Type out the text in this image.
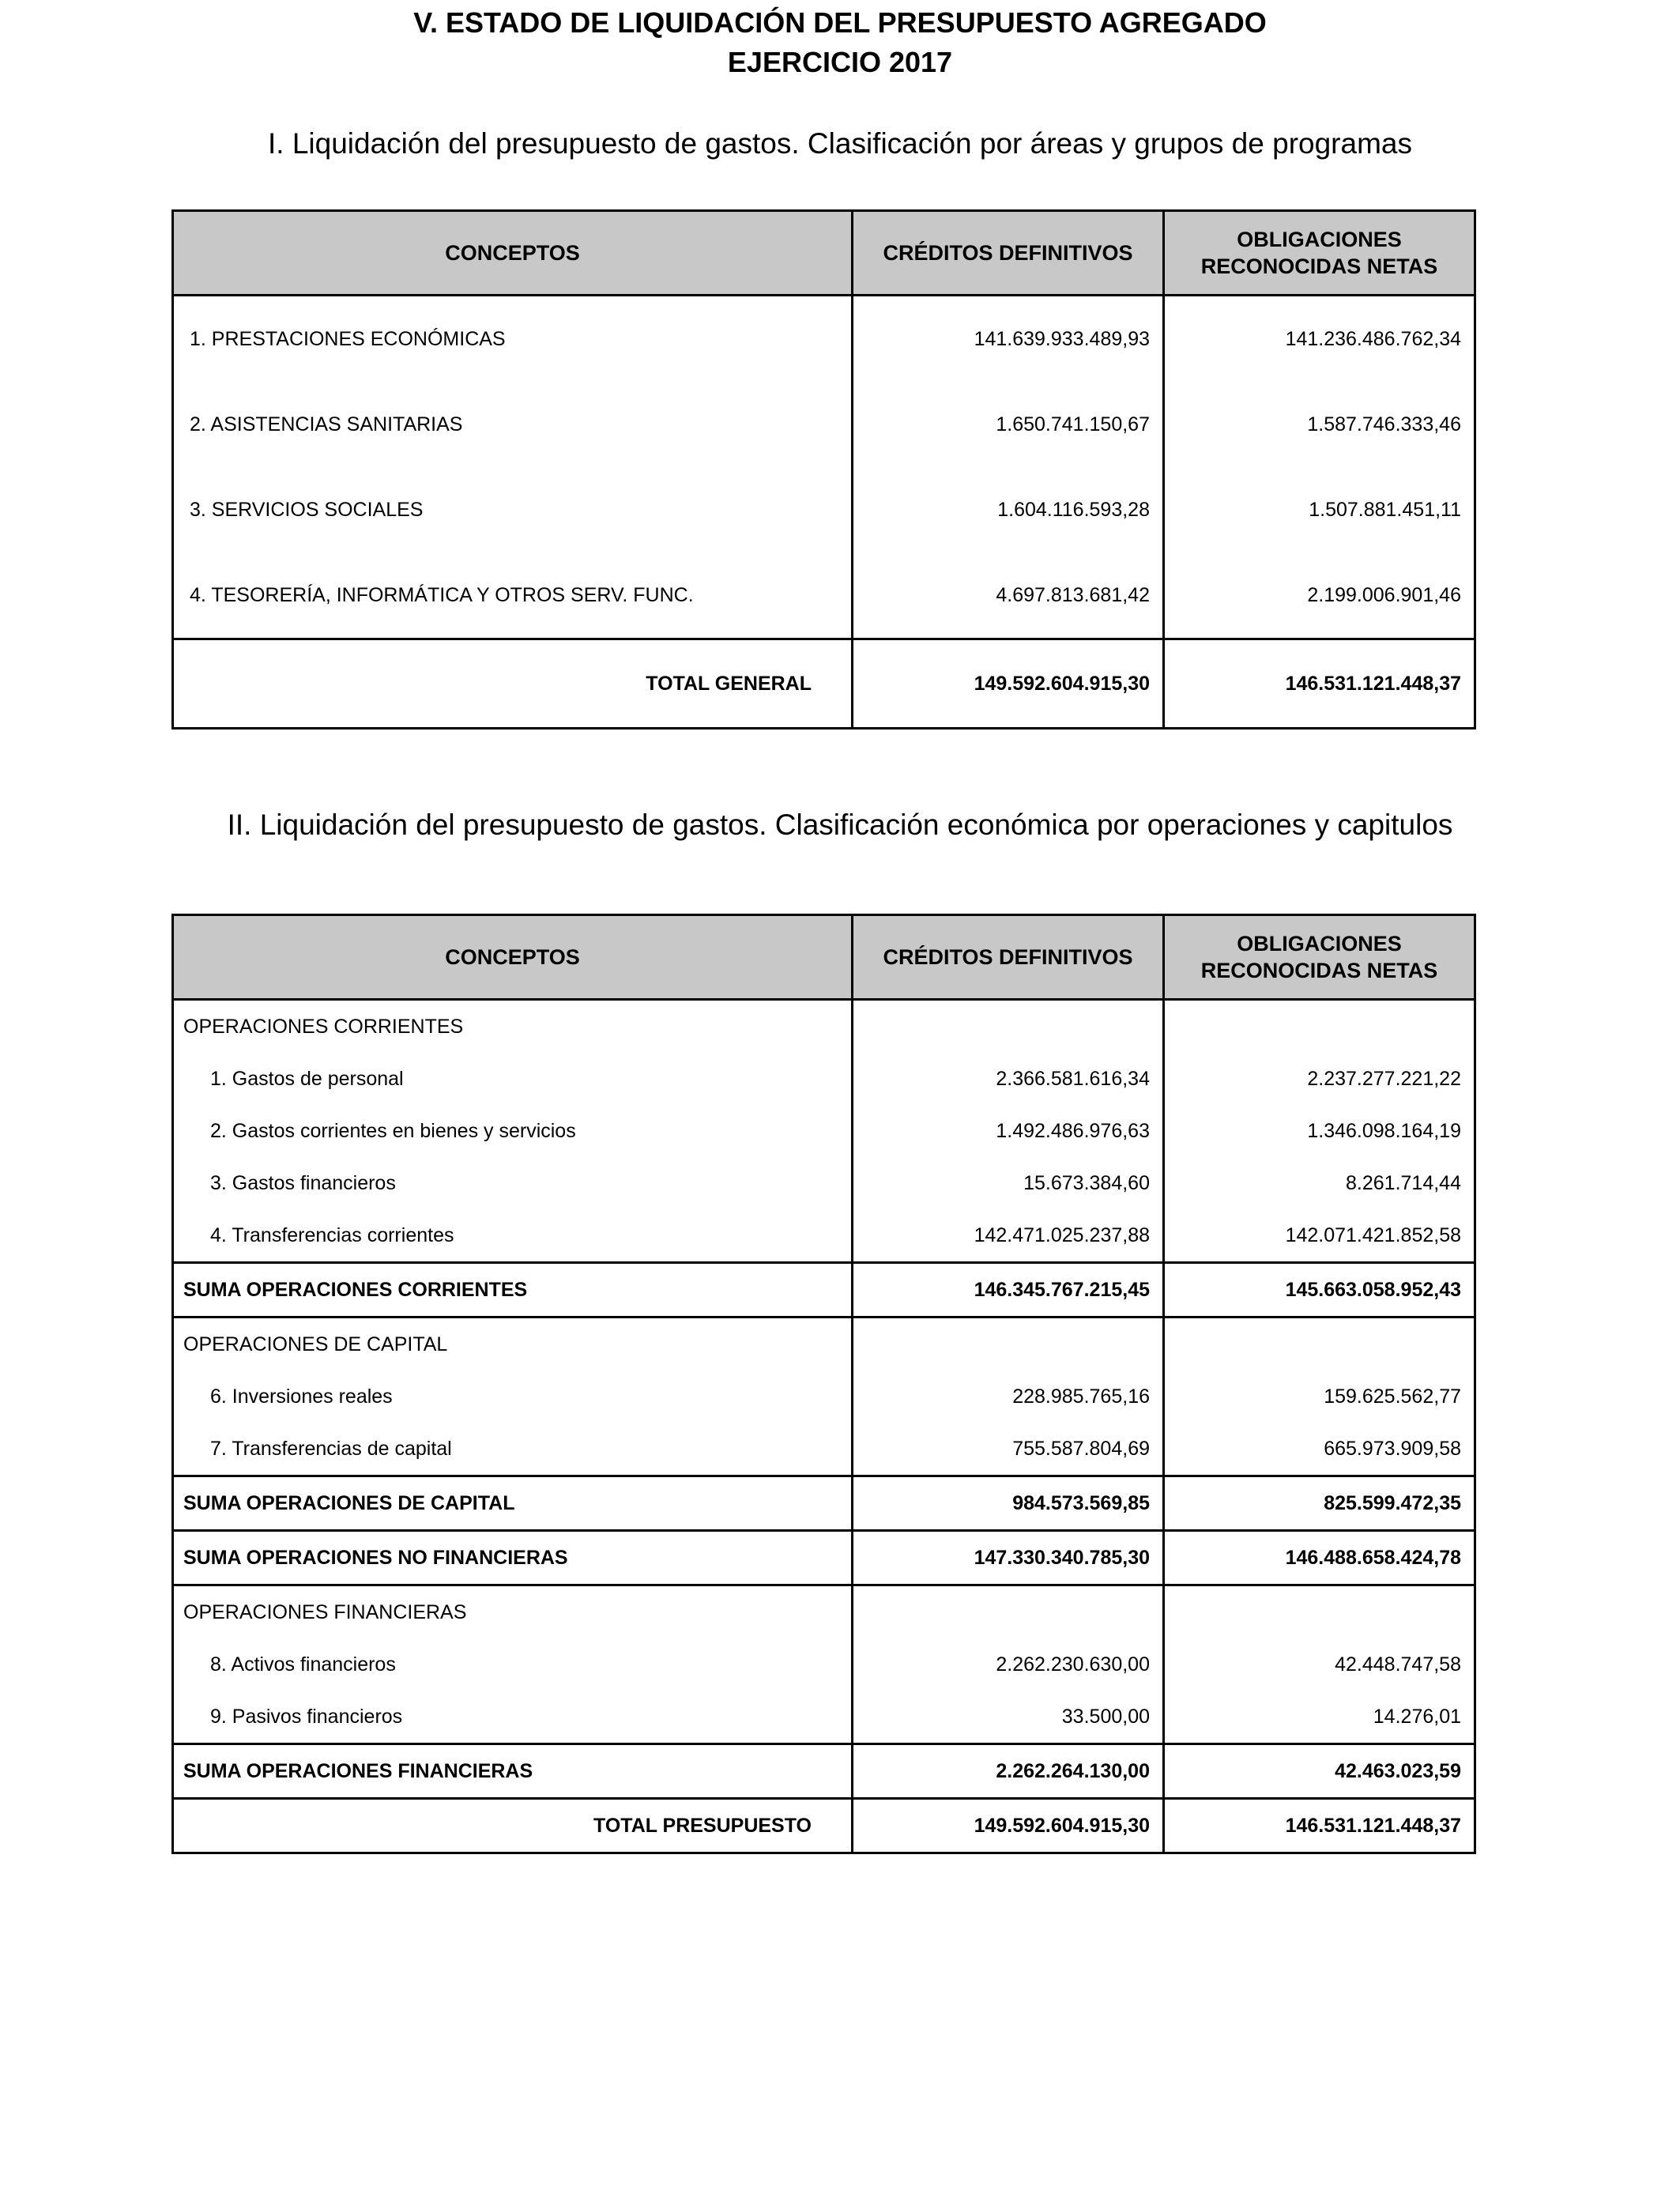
V. ESTADO DE LIQUIDACIÓN DEL PRESUPUESTO AGREGADO
EJERCICIO 2017
I. Liquidación del presupuesto de gastos. Clasificación por áreas y grupos de programas
CONCEPTOS	CRÉDITOS DEFINITIVOS	OBLIGACIONES RECONOCIDAS NETAS
1. PRESTACIONES ECONÓMICAS	141.639.933.489,93	141.236.486.762,34
2. ASISTENCIAS SANITARIAS	1.650.741.150,67	1.587.746.333,46
3. SERVICIOS SOCIALES	1.604.116.593,28	1.507.881.451,11
4. TESORERÍA, INFORMÁTICA Y OTROS SERV. FUNC.	4.697.813.681,42	2.199.006.901,46
TOTAL GENERAL	149.592.604.915,30	146.531.121.448,37
II. Liquidación del presupuesto de gastos. Clasificación económica por operaciones y capitulos
CONCEPTOS	CRÉDITOS DEFINITIVOS	OBLIGACIONES RECONOCIDAS NETAS
OPERACIONES CORRIENTES		
1. Gastos de personal	2.366.581.616,34	2.237.277.221,22
2. Gastos corrientes en bienes y servicios	1.492.486.976,63	1.346.098.164,19
3. Gastos financieros	15.673.384,60	8.261.714,44
4. Transferencias corrientes	142.471.025.237,88	142.071.421.852,58
SUMA OPERACIONES CORRIENTES	146.345.767.215,45	145.663.058.952,43
OPERACIONES DE CAPITAL		
6. Inversiones reales	228.985.765,16	159.625.562,77
7. Transferencias de capital	755.587.804,69	665.973.909,58
SUMA OPERACIONES DE CAPITAL	984.573.569,85	825.599.472,35
SUMA OPERACIONES NO FINANCIERAS	147.330.340.785,30	146.488.658.424,78
OPERACIONES FINANCIERAS		
8. Activos financieros	2.262.230.630,00	42.448.747,58
9. Pasivos financieros	33.500,00	14.276,01
SUMA OPERACIONES FINANCIERAS	2.262.264.130,00	42.463.023,59
TOTAL PRESUPUESTO	149.592.604.915,30	146.531.121.448,37
